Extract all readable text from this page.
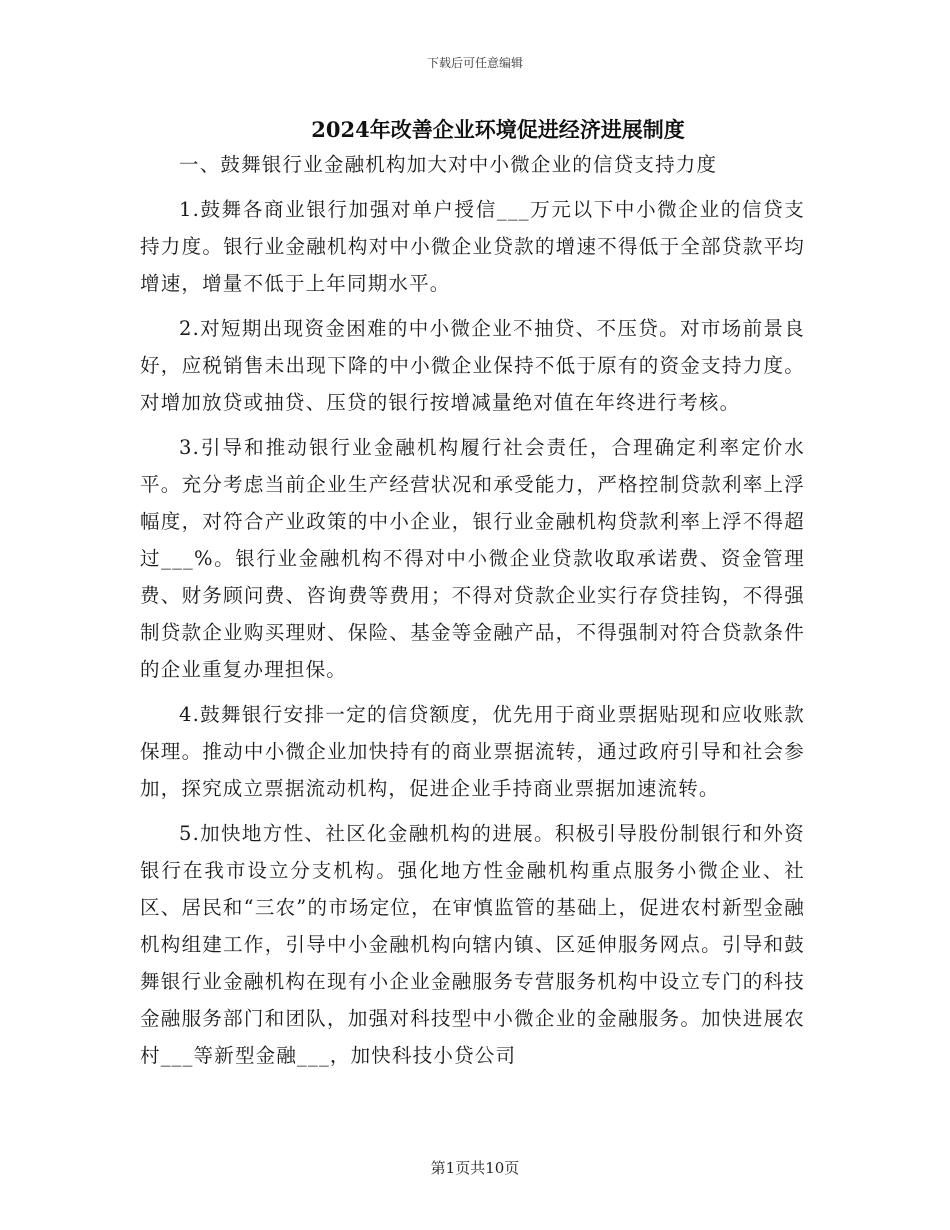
下载后可任意编辑
2024年改善企业环境促进经济进展制度

一、鼓舞银行业金融机构加大对中小微企业的信贷支持力度

1.鼓舞各商业银行加强对单户授信___万元以下中小微企业的信贷支持力度。银行业金融机构对中小微企业贷款的增速不得低于全部贷款平均增速，增量不低于上年同期水平。

2.对短期出现资金困难的中小微企业不抽贷、不压贷。对市场前景良好，应税销售未出现下降的中小微企业保持不低于原有的资金支持力度。对增加放贷或抽贷、压贷的银行按增减量绝对值在年终进行考核。

3.引导和推动银行业金融机构履行社会责任，合理确定利率定价水平。充分考虑当前企业生产经营状况和承受能力，严格控制贷款利率上浮幅度，对符合产业政策的中小企业，银行业金融机构贷款利率上浮不得超过___%。银行业金融机构不得对中小微企业贷款收取承诺费、资金管理费、财务顾问费、咨询费等费用；不得对贷款企业实行存贷挂钩，不得强制贷款企业购买理财、保险、基金等金融产品，不得强制对符合贷款条件的企业重复办理担保。

4.鼓舞银行安排一定的信贷额度，优先用于商业票据贴现和应收账款保理。推动中小微企业加快持有的商业票据流转，通过政府引导和社会参加，探究成立票据流动机构，促进企业手持商业票据加速流转。

5.加快地方性、社区化金融机构的进展。积极引导股份制银行和外资银行在我市设立分支机构。强化地方性金融机构重点服务小微企业、社区、居民和“三农”的市场定位，在审慎监管的基础上，促进农村新型金融机构组建工作，引导中小金融机构向辖内镇、区延伸服务网点。引导和鼓舞银行业金融机构在现有小企业金融服务专营服务机构中设立专门的科技金融服务部门和团队，加强对科技型中小微企业的金融服务。加快进展农村___等新型金融___，加快科技小贷公司

第1页共10页
